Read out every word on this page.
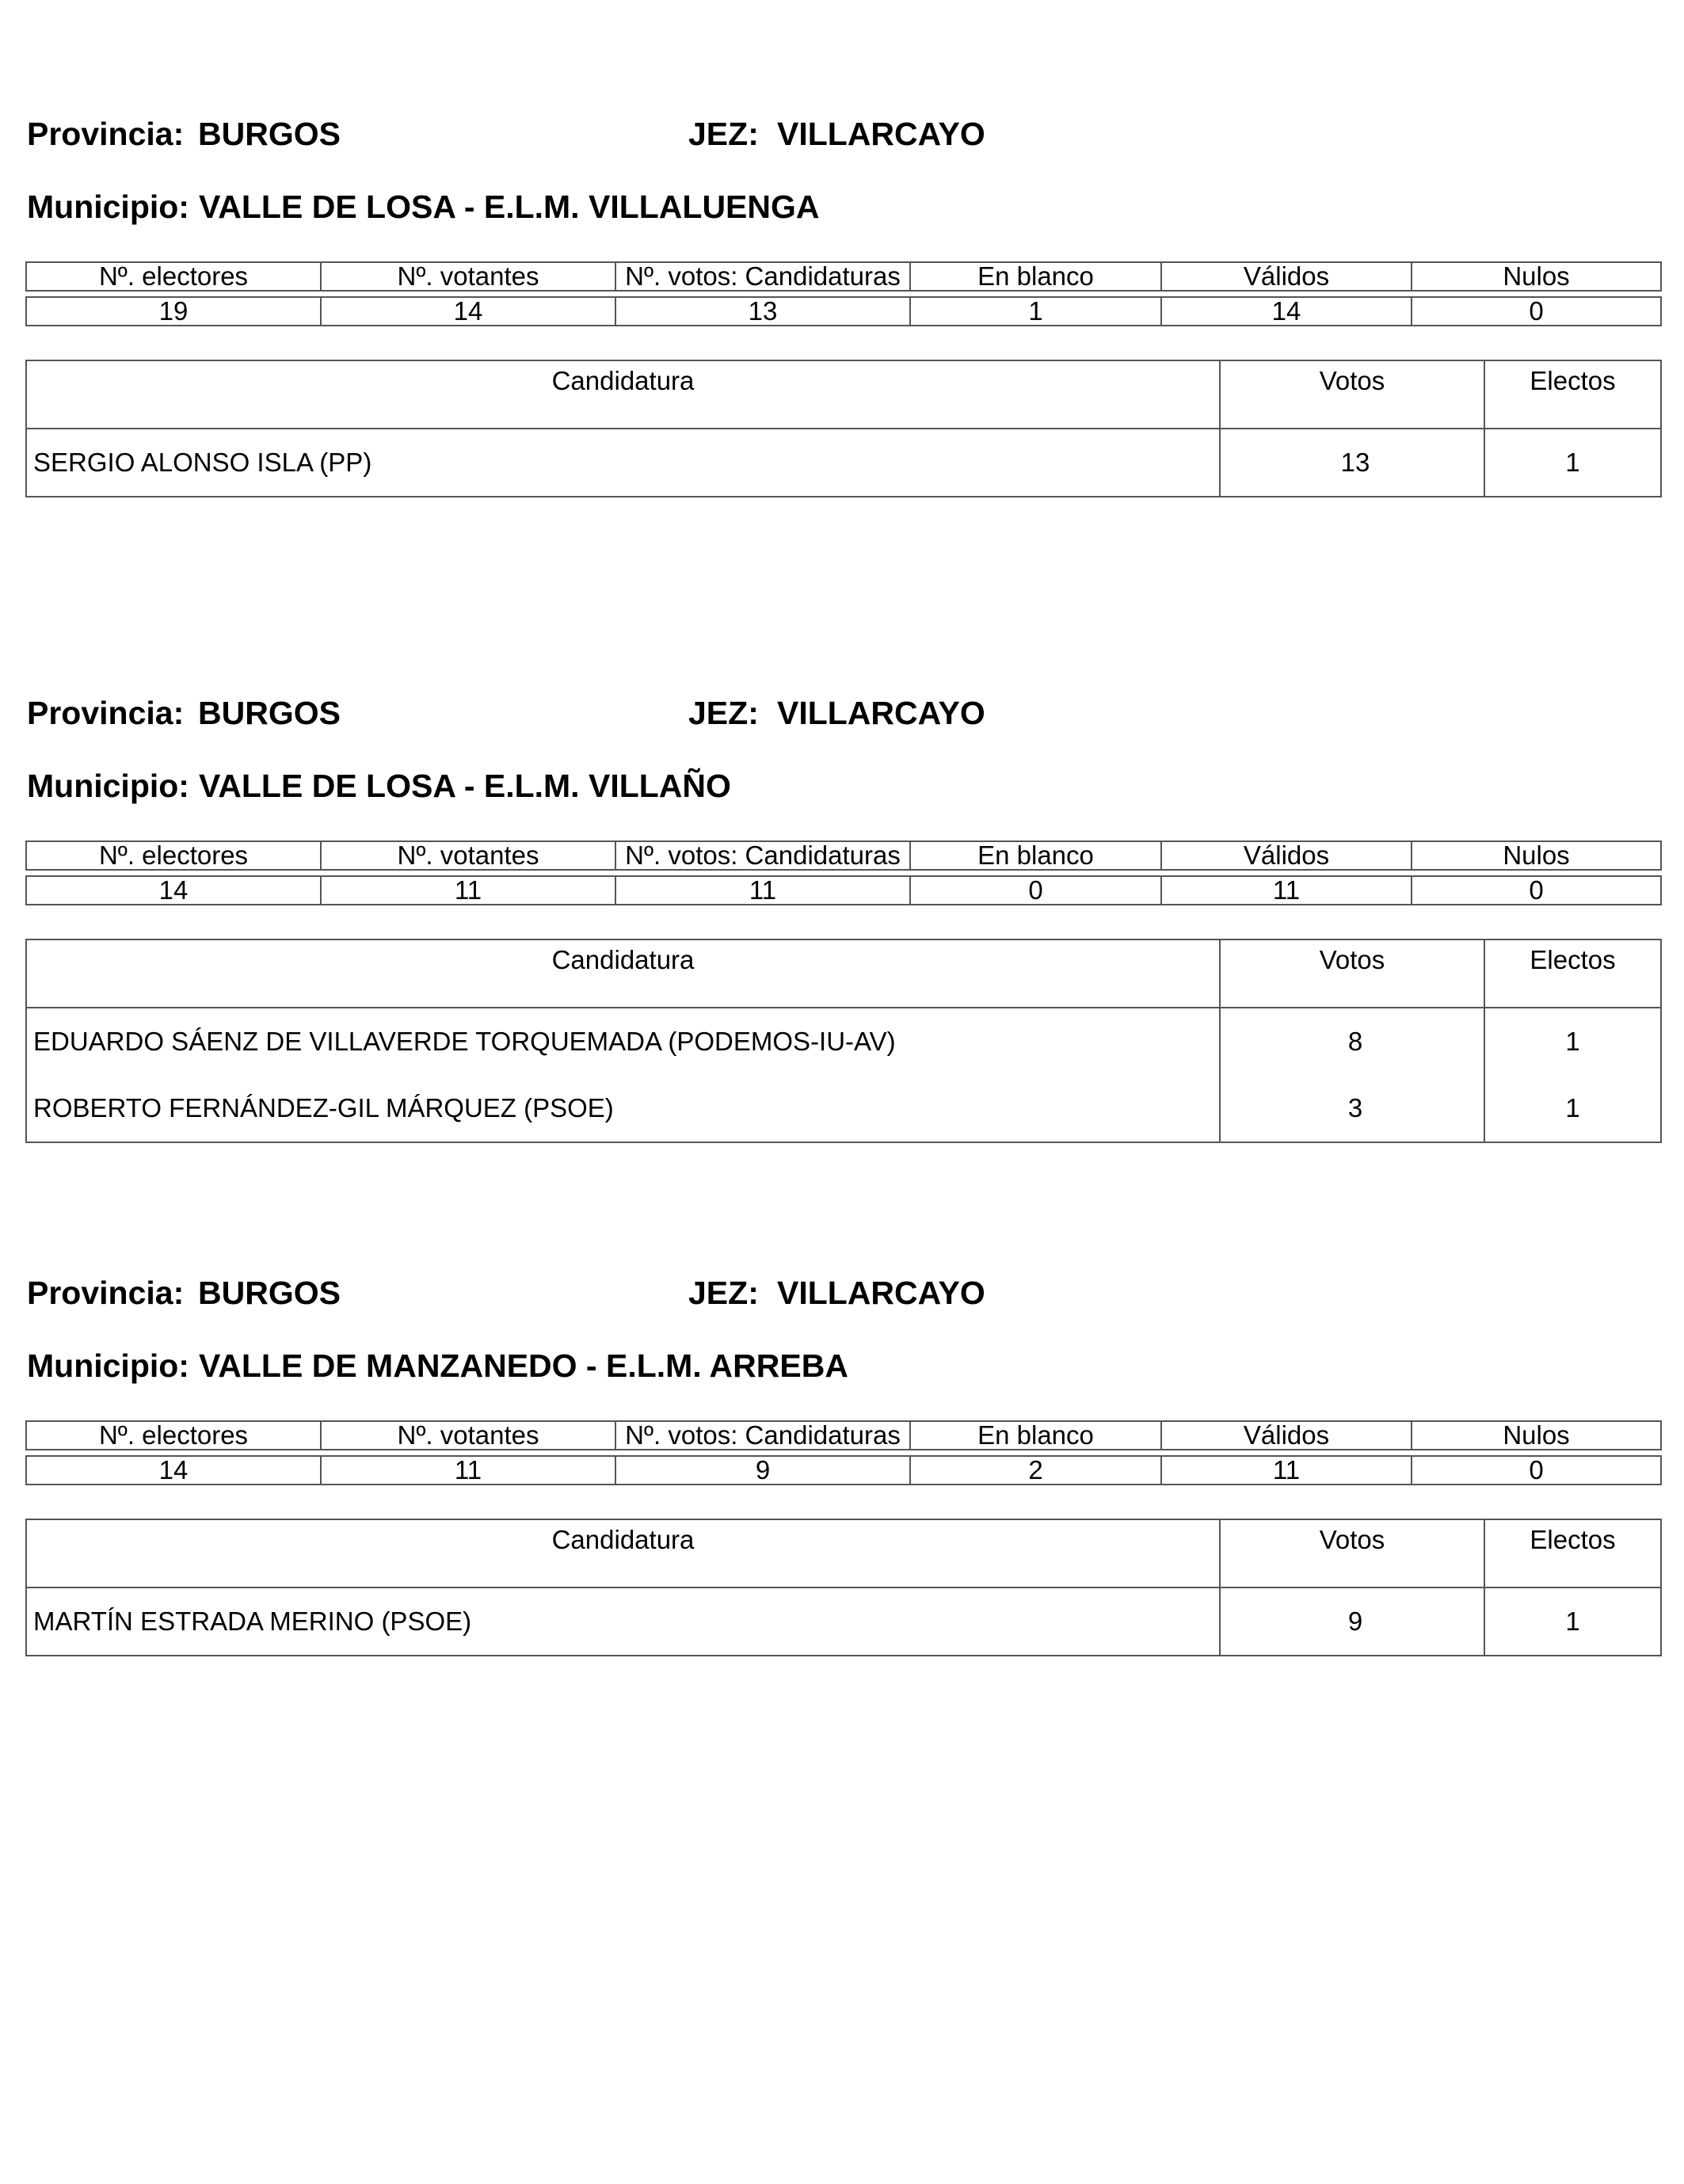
Provincia: BURGOS	JEZ: VILLARCAYO
Municipio: VALLE DE LOSA - E.L.M. VILLALUENGA
Nº. electores	Nº. votantes	Nº. votos: Candidaturas	En blanco	Válidos	Nulos
19	14	13	1	14	0
Candidatura	Votos	Electos
SERGIO ALONSO ISLA (PP)	13	1
Provincia: BURGOS	JEZ: VILLARCAYO
Municipio: VALLE DE LOSA - E.L.M. VILLAÑO
Nº. electores	Nº. votantes	Nº. votos: Candidaturas	En blanco	Válidos	Nulos
14	11	11	0	11	0
Candidatura	Votos	Electos
EDUARDO SÁENZ DE VILLAVERDE TORQUEMADA (PODEMOS-IU-AV)	8	1
ROBERTO FERNÁNDEZ-GIL MÁRQUEZ (PSOE)	3	1
Provincia: BURGOS	JEZ: VILLARCAYO
Municipio: VALLE DE MANZANEDO - E.L.M. ARREBA
Nº. electores	Nº. votantes	Nº. votos: Candidaturas	En blanco	Válidos	Nulos
14	11	9	2	11	0
Candidatura	Votos	Electos
MARTÍN ESTRADA MERINO (PSOE)	9	1
